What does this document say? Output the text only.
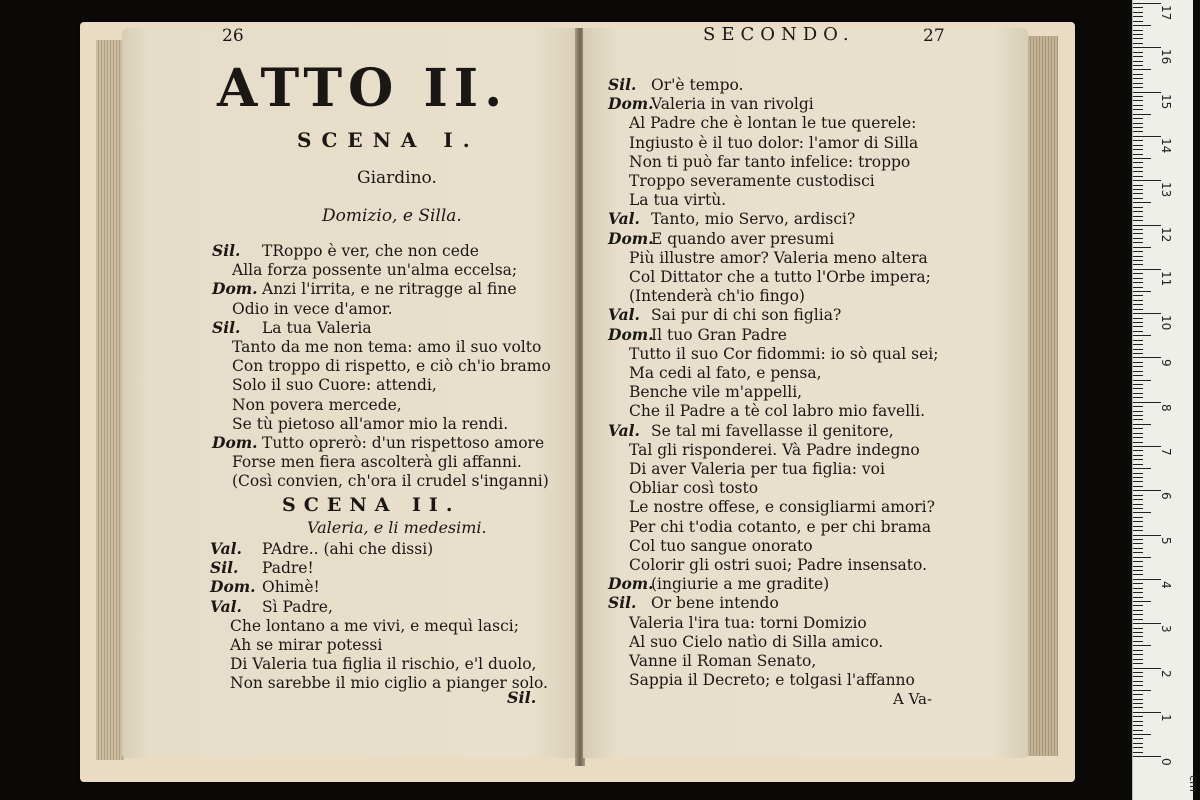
26
ATTO II.
SCENA I.
Giardino.
Domizio, e Silla.
Sil. TRoppo è ver, che non cede
Alla forza possente un'alma eccelsa;
Dom. Anzi l'irrita, e ne ritragge al fine
Odio in vece d'amor.
Sil. La tua Valeria
Tanto da me non tema: amo il suo volto
Con troppo di rispetto, e ciò ch'io bramo
Solo il suo Cuore: attendi,
Non povera mercede,
Se tù pietoso all'amor mio la rendi.
Dom. Tutto oprerò: d'un rispettoso amore
Forse men fiera ascolterà gli affanni.
(Così convien, ch'ora il crudel s'inganni)
SCENA II.
Valeria, e li medesimi.
Val. PAdre.. (ahi che dissi)
Sil. Padre!
Dom. Ohimè!
Val. Sì Padre,
Che lontano a me vivi, e mequì lasci;
Ah se mirar potessi
Di Valeria tua figlia il rischio, e'l duolo,
Non sarebbe il mio ciglio a pianger solo.
Sil.
SECONDO.	27
Sil. Or'è tempo.
Dom.
Valeria in van rivolgi
Al Padre che è lontan le tue querele:
Ingiusto è il tuo dolor: l'amor di Silla
Non ti può far tanto infelice: troppo
Troppo severamente custodisci
La tua virtù.
Val. Tanto, mio Servo, ardisci?
Dom.
E quando aver presumi
Più illustre amor? Valeria meno altera
Col Dittator che a tutto l'Orbe impera;
(Intenderà ch'io fingo)
Val. Sai pur di chi son figlia?
Dom.
Il tuo Gran Padre
Tutto il suo Cor fidommi: io sò qual sei;
Ma cedi al fato, e pensa,
Benche vile m'appelli,
Che il Padre a tè col labro mio favelli.
Val. Se tal mi favellasse il genitore,
Tal gli risponderei. Và Padre indegno
Di aver Valeria per tua figlia: voi
Obliar così tosto
Le nostre offese, e consigliarmi amori?
Per chi t'odia cotanto, e per chi brama
Col tuo sangue onorato
Colorir gli ostri suoi; Padre insensato.
Dom.
(ingiurie a me gradite)
Sil. Or bene intendo
Valeria l'ira tua: torni Domizio
Al suo Cielo natìo di Silla amico.
Vanne il Roman Senato,
Sappia il Decreto; e tolgasi l'affanno
A Va-
cm
17
16
15
14
13
12
11
10
9
8
7
6
5
4
3
2
1
0
